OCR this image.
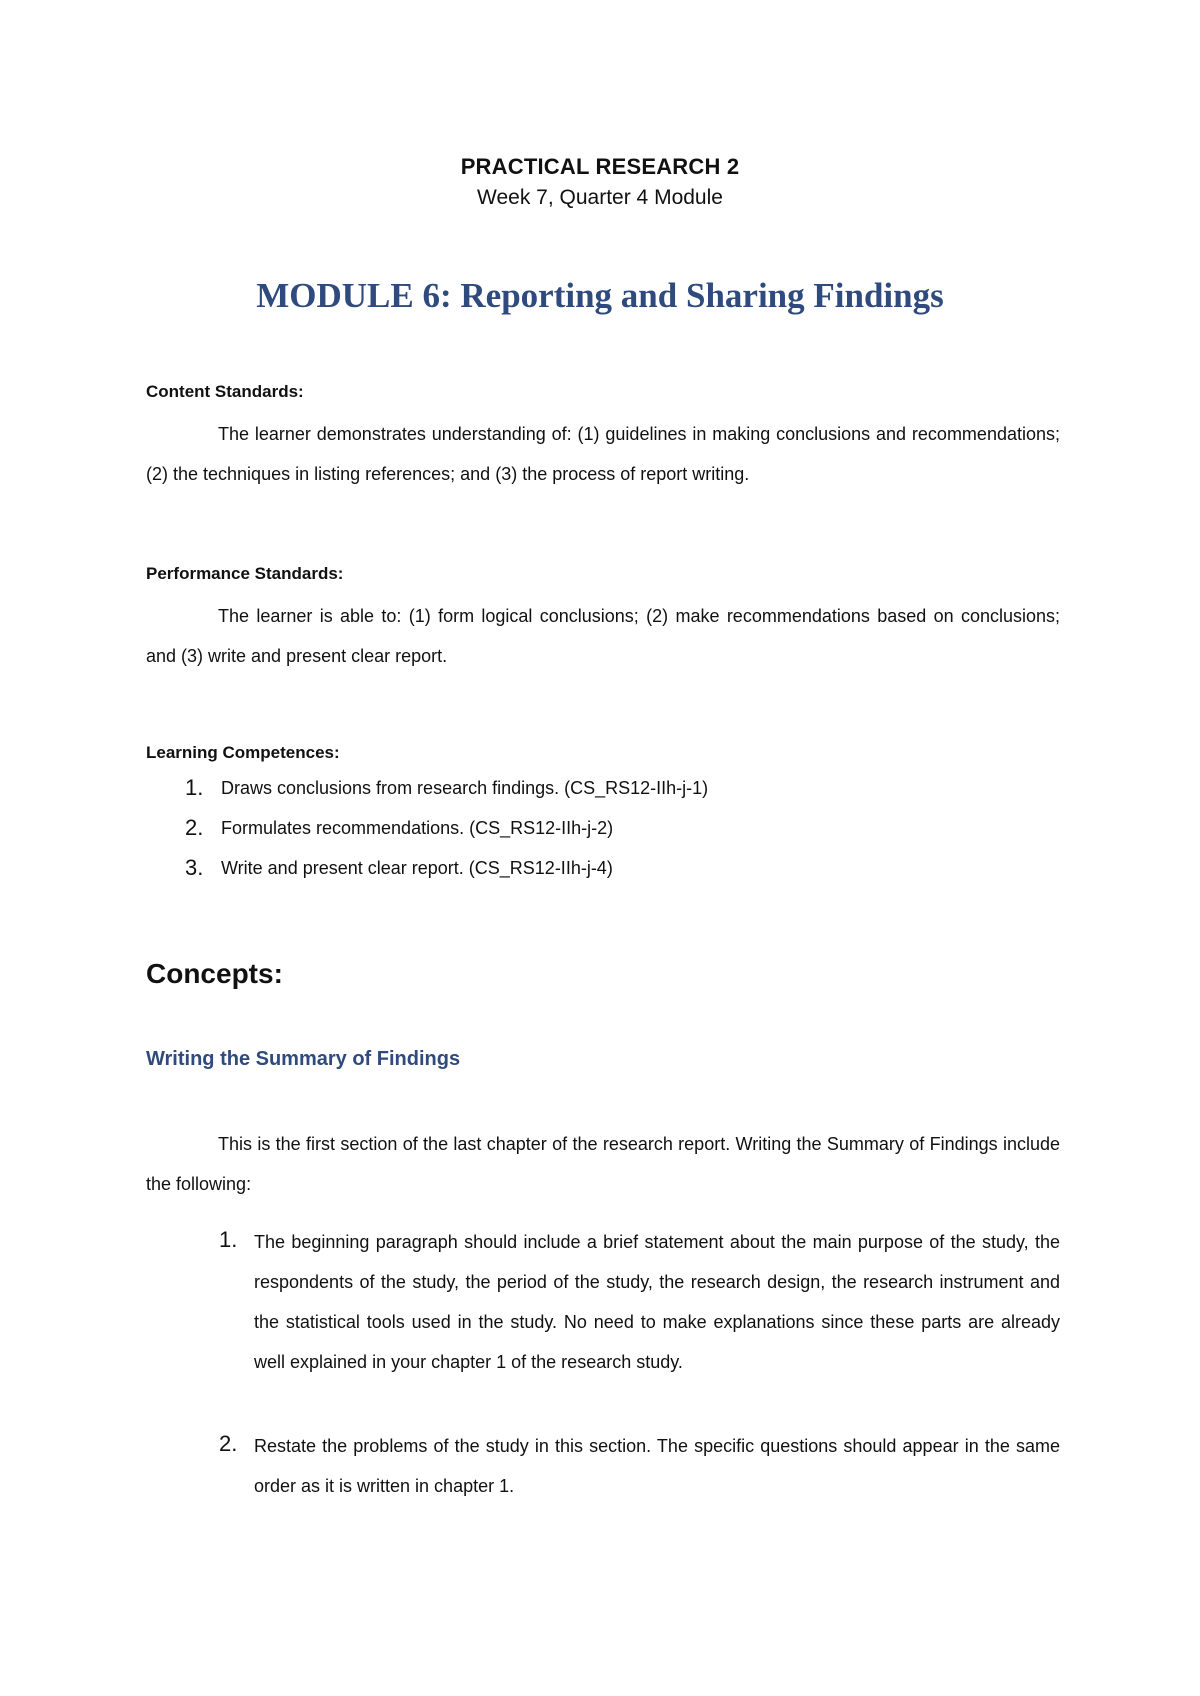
PRACTICAL RESEARCH 2
Week 7, Quarter 4 Module
MODULE 6: Reporting and Sharing Findings
Content Standards:

The learner demonstrates understanding of: (1) guidelines in making conclusions and recommendations; (2) the techniques in listing references; and (3) the process of report writing.

Performance Standards:

The learner is able to: (1) form logical conclusions; (2) make recommendations based on conclusions; and (3) write and present clear report.

Learning Competences:
1. Draws conclusions from research findings. (CS_RS12-IIh-j-1)
2. Formulates recommendations. (CS_RS12-IIh-j-2)
3. Write and present clear report. (CS_RS12-IIh-j-4)
Concepts:
Writing the Summary of Findings

This is the first section of the last chapter of the research report. Writing the Summary of Findings include the following:

1. The beginning paragraph should include a brief statement about the main purpose of the study, the respondents of the study, the period of the study, the research design, the research instrument and the statistical tools used in the study. No need to make explanations since these parts are already well explained in your chapter 1 of the research study.

2. Restate the problems of the study in this section. The specific questions should appear in the same order as it is written in chapter 1.
